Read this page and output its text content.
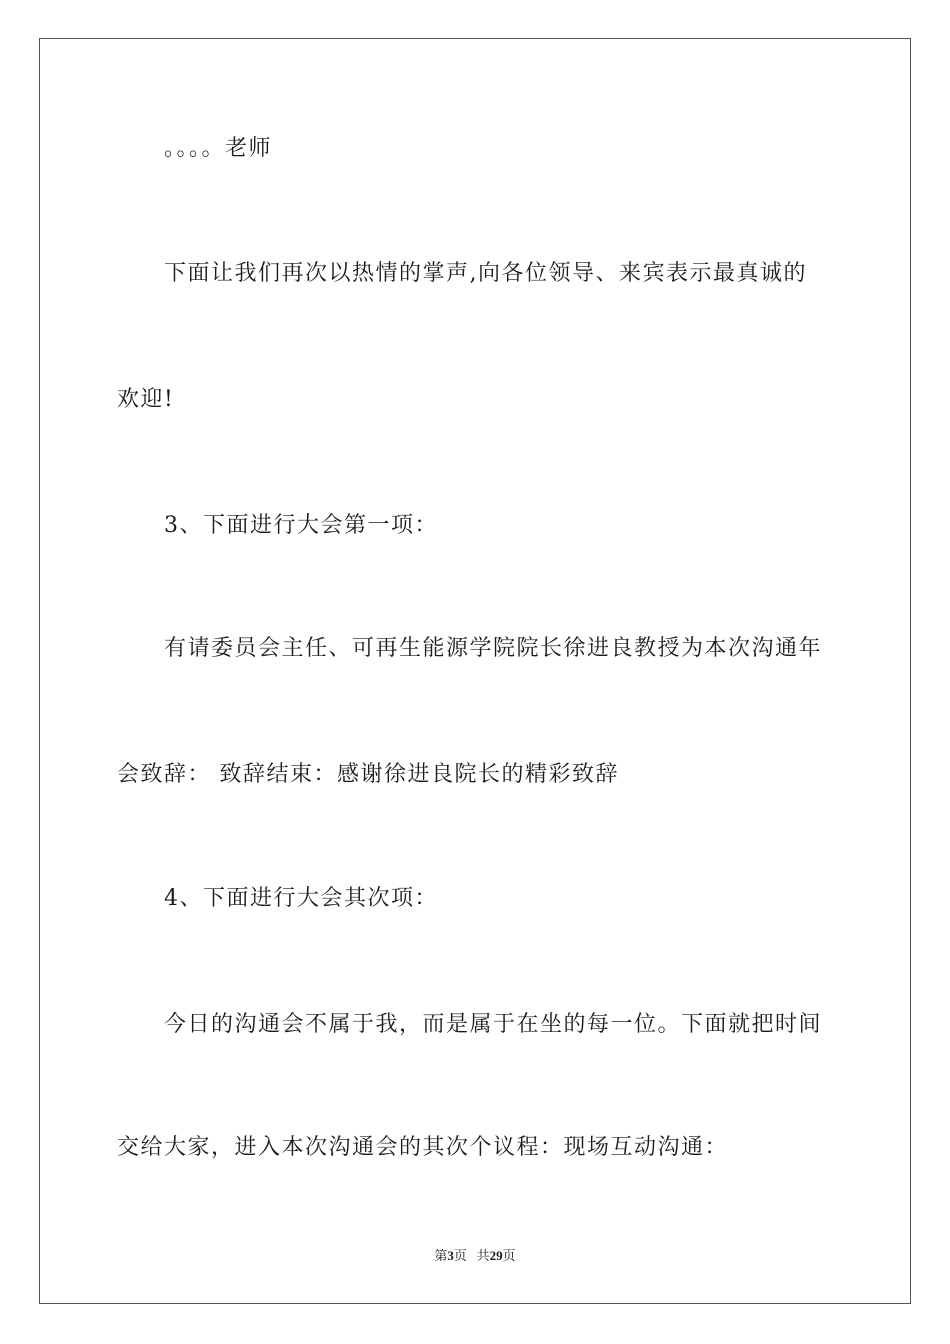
。。。。老师
下面让我们再次以热情的掌声,向各位领导、来宾表示最真诚的
欢迎!
3、下面进行大会第一项：
有请委员会主任、可再生能源学院院长徐进良教授为本次沟通年
会致辞： 致辞结束：感谢徐进良院长的精彩致辞
4、下面进行大会其次项：
今日的沟通会不属于我，而是属于在坐的每一位。下面就把时间
交给大家，进入本次沟通会的其次个议程：现场互动沟通：
第3页 共29页
